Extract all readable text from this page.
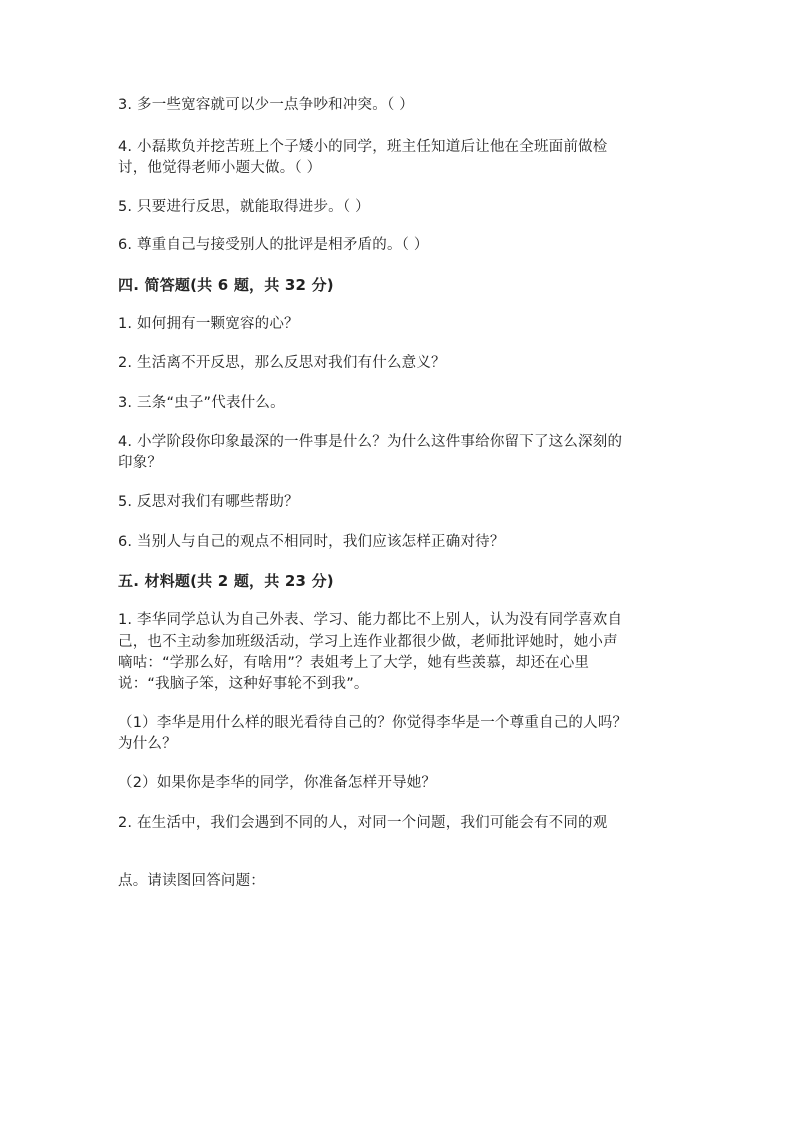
3. 多一些宽容就可以少一点争吵和冲突。（ ）
4. 小磊欺负并挖苦班上个子矮小的同学，班主任知道后让他在全班面前做检
讨，他觉得老师小题大做。（ ）
5. 只要进行反思，就能取得进步。（ ）
6. 尊重自己与接受别人的批评是相矛盾的。（ ）
四. 简答题(共 6 题，共 32 分)
1. 如何拥有一颗宽容的心？
2. 生活离不开反思，那么反思对我们有什么意义？
3. 三条“虫子”代表什么。
4. 小学阶段你印象最深的一件事是什么？为什么这件事给你留下了这么深刻的
印象？
5. 反思对我们有哪些帮助？
6. 当别人与自己的观点不相同时，我们应该怎样正确对待？
五. 材料题(共 2 题，共 23 分)
1. 李华同学总认为自己外表、学习、能力都比不上别人，认为没有同学喜欢自
己，也不主动参加班级活动，学习上连作业都很少做，老师批评她时，她小声
嘀咕：“学那么好，有啥用”？表姐考上了大学，她有些羡慕，却还在心里
说：“我脑子笨，这种好事轮不到我”。
（1）李华是用什么样的眼光看待自己的？你觉得李华是一个尊重自己的人吗？
为什么？
（2）如果你是李华的同学，你准备怎样开导她？
2. 在生活中，我们会遇到不同的人，对同一个问题，我们可能会有不同的观
点。请读图回答问题：
